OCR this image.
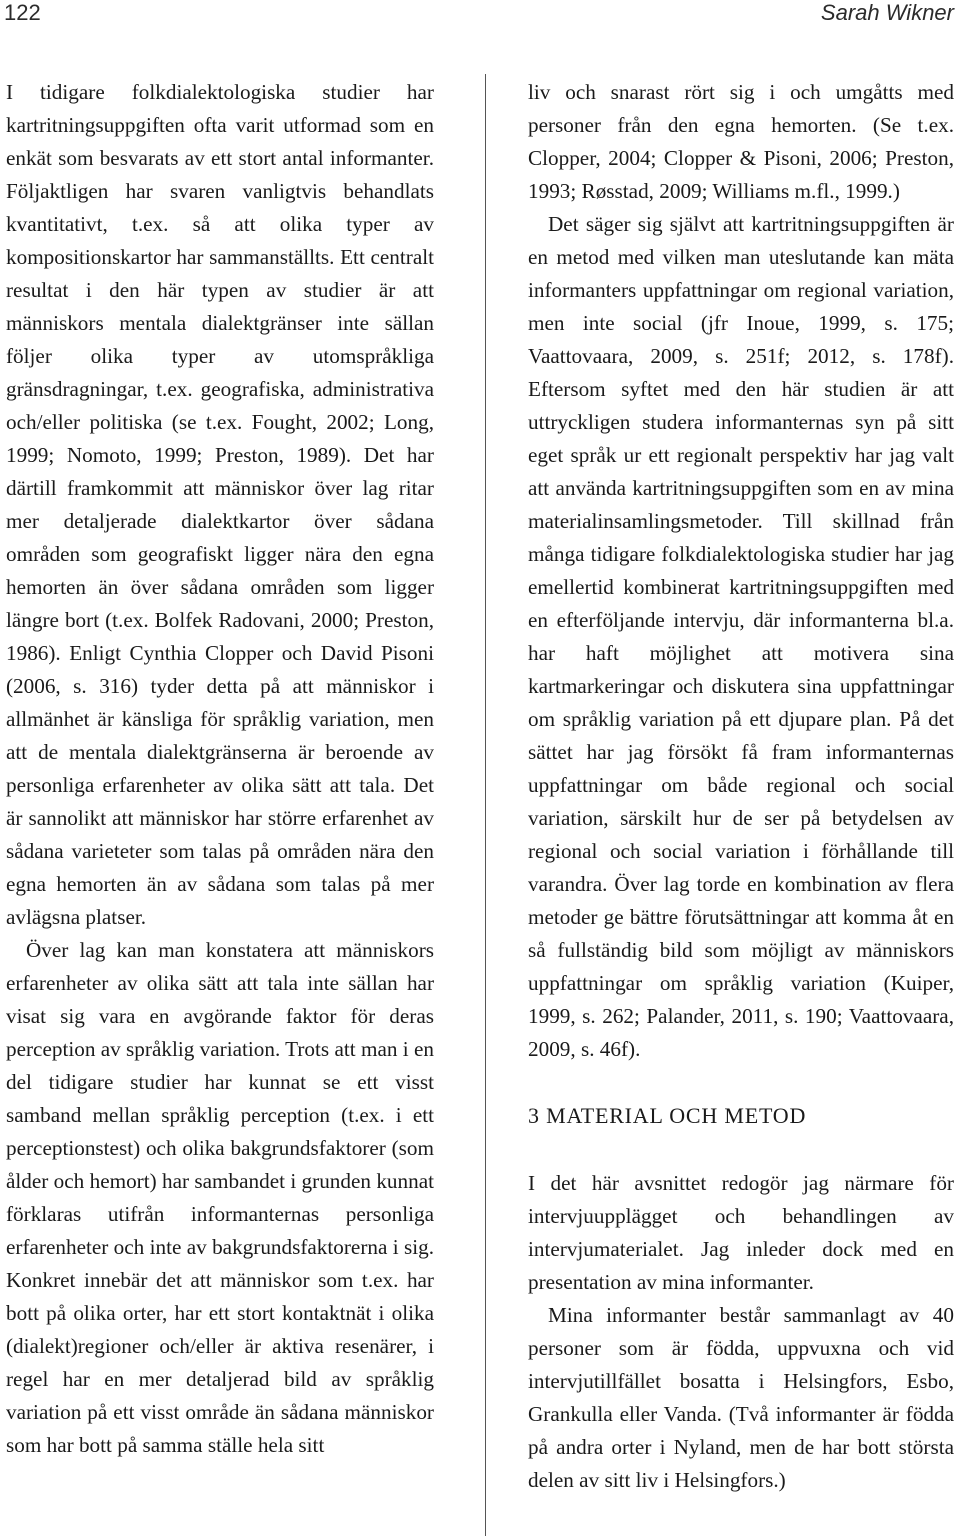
122	Sarah Wikner

I tidigare folkdialektologiska studier har kartritningsuppgiften ofta varit utformad som en enkät som besvarats av ett stort antal informanter. Följaktligen har svaren vanligtvis behandlats kvantitativt, t.ex. så att olika typer av kompositionskartor har sammanställts. Ett centralt resultat i den här typen av studier är att människors mentala dialektgränser inte sällan följer olika typer av utomspråkliga gränsdragningar, t.ex. geografiska, administrativa och/eller politiska (se t.ex. Fought, 2002; Long, 1999; Nomoto, 1999; Preston, 1989). Det har därtill framkommit att människor över lag ritar mer detaljerade dialektkartor över sådana områden som geografiskt ligger nära den egna hemorten än över sådana områden som ligger längre bort (t.ex. Bolfek Radovani, 2000; Preston, 1986). Enligt Cynthia Clopper och David Pisoni (2006, s. 316) tyder detta på att människor i allmänhet är känsliga för språklig variation, men att de mentala dialektgränserna är beroende av personliga erfarenheter av olika sätt att tala. Det är sannolikt att människor har större erfarenhet av sådana varieteter som talas på områden nära den egna hemorten än av sådana som talas på mer avlägsna platser.

Över lag kan man konstatera att människors erfarenheter av olika sätt att tala inte sällan har visat sig vara en avgörande faktor för deras perception av språklig variation. Trots att man i en del tidigare studier har kunnat se ett visst samband mellan språklig perception (t.ex. i ett perceptionstest) och olika bakgrundsfaktorer (som ålder och hemort) har sambandet i grunden kunnat förklaras utifrån informanternas personliga erfarenheter och inte av bakgrundsfaktorerna i sig. Konkret innebär det att människor som t.ex. har bott på olika orter, har ett stort kontaktnät i olika (dialekt)regioner och/eller är aktiva resenärer, i regel har en mer detaljerad bild av språklig variation på ett visst område än sådana människor som har bott på samma ställe hela sitt

liv och snarast rört sig i och umgåtts med personer från den egna hemorten. (Se t.ex. Clopper, 2004; Clopper & Pisoni, 2006; Preston, 1993; Røsstad, 2009; Williams m.fl., 1999.)

Det säger sig självt att kartritningsuppgiften är en metod med vilken man uteslutande kan mäta informanters uppfattningar om regional variation, men inte social (jfr Inoue, 1999, s. 175; Vaattovaara, 2009, s. 251f; 2012, s. 178f). Eftersom syftet med den här studien är att uttryckligen studera informanternas syn på sitt eget språk ur ett regionalt perspektiv har jag valt att använda kartritningsuppgiften som en av mina materialinsamlingsmetoder. Till skillnad från många tidigare folkdialektologiska studier har jag emellertid kombinerat kartritningsuppgiften med en efterföljande intervju, där informanterna bl.a. har haft möjlighet att motivera sina kartmarkeringar och diskutera sina uppfattningar om språklig variation på ett djupare plan. På det sättet har jag försökt få fram informanternas uppfattningar om både regional och social variation, särskilt hur de ser på betydelsen av regional och social variation i förhållande till varandra. Över lag torde en kombination av flera metoder ge bättre förutsättningar att komma åt en så fullständig bild som möjligt av människors uppfattningar om språklig variation (Kuiper, 1999, s. 262; Palander, 2011, s. 190; Vaattovaara, 2009, s. 46f).

3 MATERIAL OCH METOD

I det här avsnittet redogör jag närmare för intervjuupplägget och behandlingen av intervjumaterialet. Jag inleder dock med en presentation av mina informanter.

Mina informanter består sammanlagt av 40 personer som är födda, uppvuxna och vid intervjutillfället bosatta i Helsingfors, Esbo, Grankulla eller Vanda. (Två informanter är födda på andra orter i Nyland, men de har bott största delen av sitt liv i Helsingfors.)
